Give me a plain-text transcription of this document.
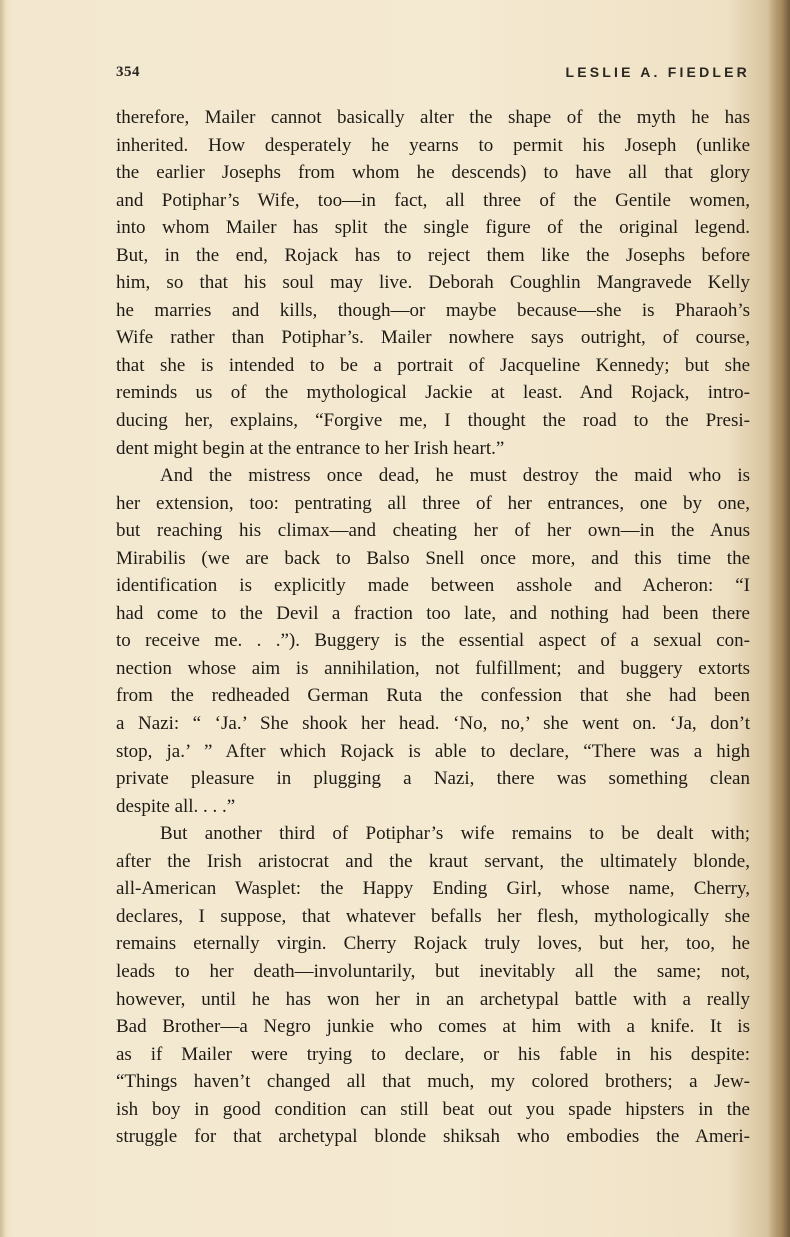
354	LESLIE A. FIEDLER
therefore, Mailer cannot basically alter the shape of the myth he has
inherited. How desperately he yearns to permit his Joseph (unlike
the earlier Josephs from whom he descends) to have all that glory
and Potiphar’s Wife, too—in fact, all three of the Gentile women,
into whom Mailer has split the single figure of the original legend.
But, in the end, Rojack has to reject them like the Josephs before
him, so that his soul may live. Deborah Coughlin Mangravede Kelly
he marries and kills, though—or maybe because—she is Pharaoh’s
Wife rather than Potiphar’s. Mailer nowhere says outright, of course,
that she is intended to be a portrait of Jacqueline Kennedy; but she
reminds us of the mythological Jackie at least. And Rojack, intro-
ducing her, explains, “Forgive me, I thought the road to the Presi-
dent might begin at the entrance to her Irish heart.”
And the mistress once dead, he must destroy the maid who is
her extension, too: pentrating all three of her entrances, one by one,
but reaching his climax—and cheating her of her own—in the Anus
Mirabilis (we are back to Balso Snell once more, and this time the
identification is explicitly made between asshole and Acheron: “I
had come to the Devil a fraction too late, and nothing had been there
to receive me. . .”). Buggery is the essential aspect of a sexual con-
nection whose aim is annihilation, not fulfillment; and buggery extorts
from the redheaded German Ruta the confession that she had been
a Nazi: “ ‘Ja.’ She shook her head. ‘No, no,’ she went on. ‘Ja, don’t
stop, ja.’ ” After which Rojack is able to declare, “There was a high
private pleasure in plugging a Nazi, there was something clean
despite all. . . .”
But another third of Potiphar’s wife remains to be dealt with;
after the Irish aristocrat and the kraut servant, the ultimately blonde,
all-American Wasplet: the Happy Ending Girl, whose name, Cherry,
declares, I suppose, that whatever befalls her flesh, mythologically she
remains eternally virgin. Cherry Rojack truly loves, but her, too, he
leads to her death—involuntarily, but inevitably all the same; not,
however, until he has won her in an archetypal battle with a really
Bad Brother—a Negro junkie who comes at him with a knife. It is
as if Mailer were trying to declare, or his fable in his despite:
“Things haven’t changed all that much, my colored brothers; a Jew-
ish boy in good condition can still beat out you spade hipsters in the
struggle for that archetypal blonde shiksah who embodies the Ameri-
